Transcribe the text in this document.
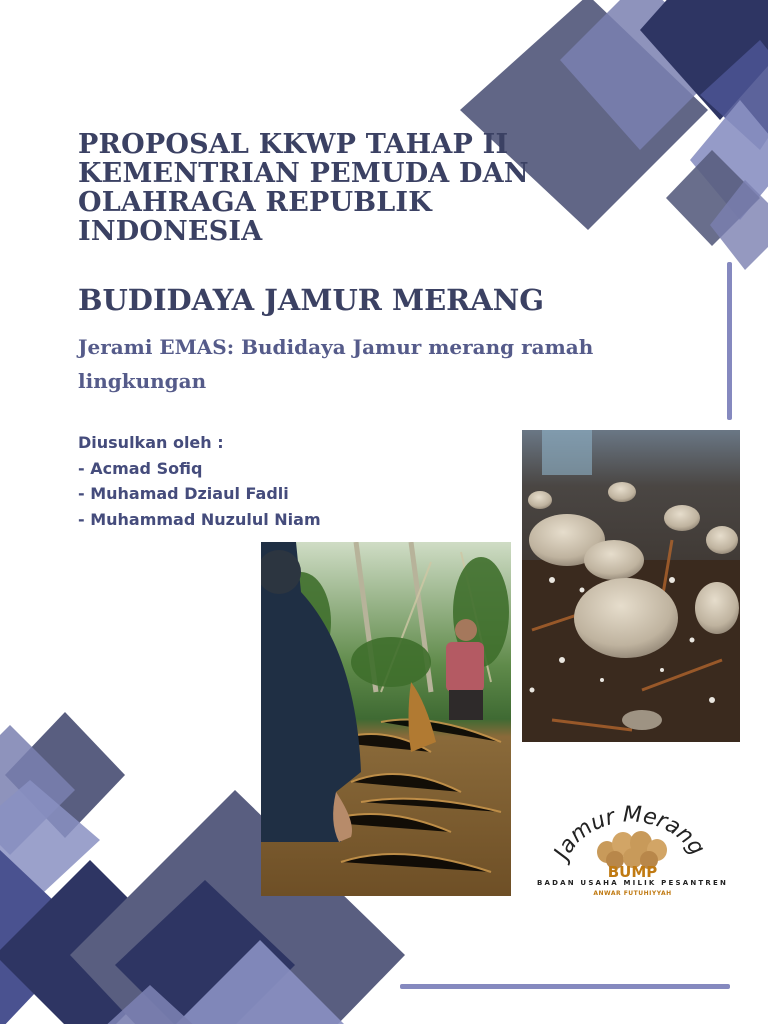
PROPOSAL KKWP TAHAP II KEMENTRIAN PEMUDA DAN OLAHRAGA REPUBLIK INDONESIA
BUDIDAYA JAMUR MERANG

Jerami EMAS: Budidaya Jamur merang ramah lingkungan

Diusulkan oleh :
- Acmad Sofiq
- Muhamad Dziaul Fadli
- Muhammad Nuzulul Niam
Jamur Merang
BUMP
BADAN USAHA MILIK PESANTREN
ANWAR FUTUHIYYAH
